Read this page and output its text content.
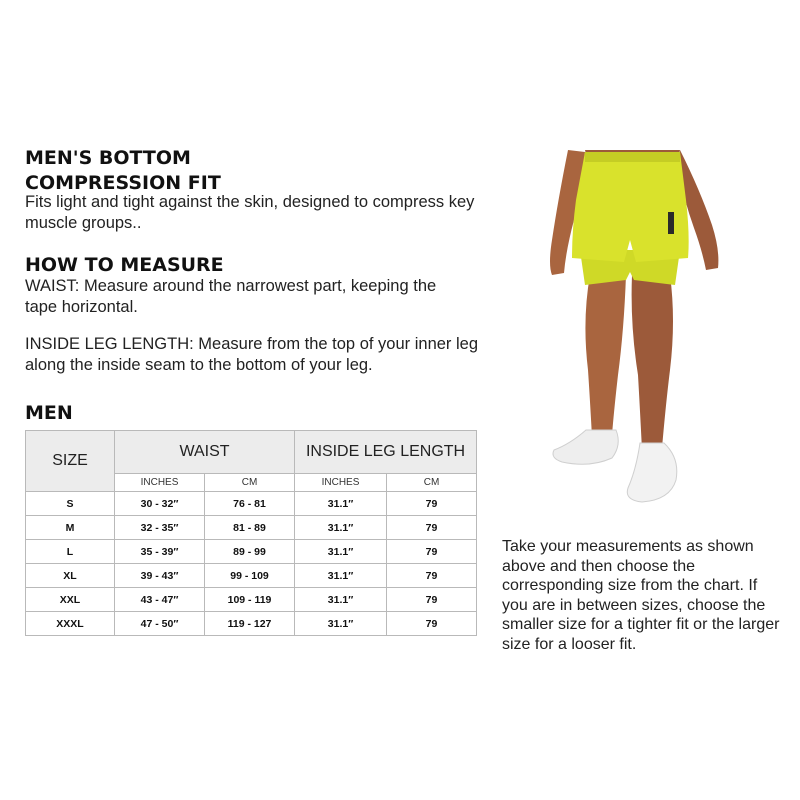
MEN'S BOTTOM
COMPRESSION FIT

Fits light and tight against the skin, designed to compress key muscle groups..

HOW TO MEASURE

WAIST: Measure around the narrowest part, keeping the tape horizontal.

INSIDE LEG LENGTH: Measure from the top of your inner leg along the inside seam to the bottom of your leg.

MEN
SIZE	WAIST		INSIDE LEG LENGTH	
	INCHES	CM	INCHES	CM
S	30 - 32″	76 - 81	31.1″	79
M	32 - 35″	81 - 89	31.1″	79
L	35 - 39″	89 - 99	31.1″	79
XL	39 - 43″	99 - 109	31.1″	79
XXL	43 - 47″	109 - 119	31.1″	79
XXXL	47 - 50″	119 - 127	31.1″	79

Take your measurements as shown above and then choose the corresponding size from the chart. If you are in between sizes, choose the smaller size for a tighter fit or the larger size for a looser fit.
